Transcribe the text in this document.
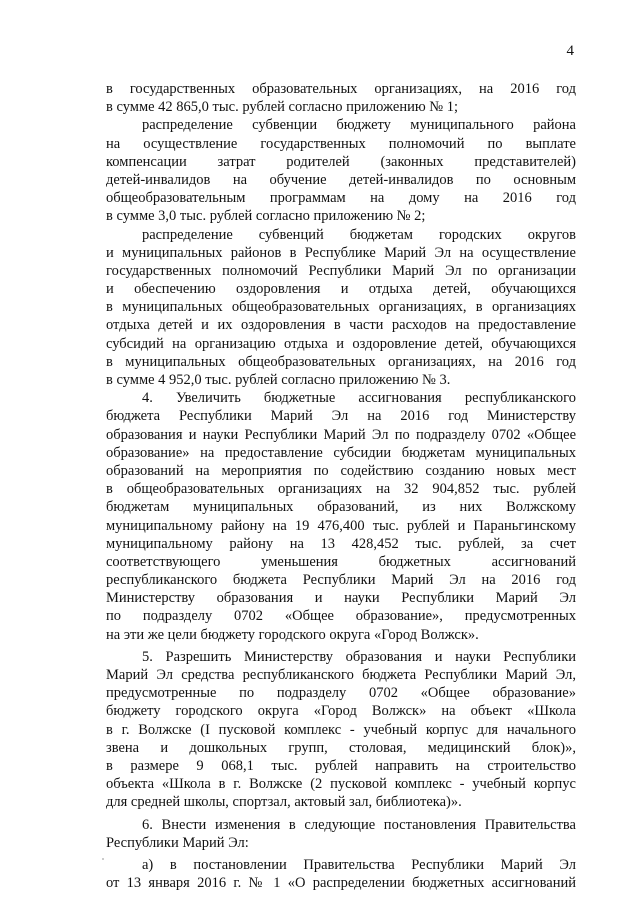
4
в государственных образовательных организациях, на 2016 год
в сумме 42 865,0 тыс. рублей согласно приложению № 1;
распределение субвенции бюджету муниципального района
на осуществление государственных полномочий по выплате
компенсации затрат родителей (законных представителей)
детей-инвалидов на обучение детей-инвалидов по основным
общеобразовательным программам на дому на 2016 год
в сумме 3,0 тыс. рублей согласно приложению № 2;
распределение субвенций бюджетам городских округов
и муниципальных районов в Республике Марий Эл на осуществление
государственных полномочий Республики Марий Эл по организации
и обеспечению оздоровления и отдыха детей, обучающихся
в муниципальных общеобразовательных организациях, в организациях
отдыха детей и их оздоровления в части расходов на предоставление
субсидий на организацию отдыха и оздоровление детей, обучающихся
в муниципальных общеобразовательных организациях, на 2016 год
в сумме 4 952,0 тыс. рублей согласно приложению № 3.
4. Увеличить бюджетные ассигнования республиканского
бюджета Республики Марий Эл на 2016 год Министерству
образования и науки Республики Марий Эл по подразделу 0702 «Общее
образование» на предоставление субсидии бюджетам муниципальных
образований на мероприятия по содействию созданию новых мест
в общеобразовательных организациях на 32 904,852 тыс. рублей
бюджетам муниципальных образований, из них Волжскому
муниципальному району на 19 476,400 тыс. рублей и Параньгинскому
муниципальному району на 13 428,452 тыс. рублей, за счет
соответствующего уменьшения бюджетных ассигнований
республиканского бюджета Республики Марий Эл на 2016 год
Министерству образования и науки Республики Марий Эл
по подразделу 0702 «Общее образование», предусмотренных
на эти же цели бюджету городского округа «Город Волжск».
5. Разрешить Министерству образования и науки Республики
Марий Эл средства республиканского бюджета Республики Марий Эл,
предусмотренные по подразделу 0702 «Общее образование»
бюджету городского округа «Город Волжск» на объект «Школа
в г. Волжске (I пусковой комплекс - учебный корпус для начального
звена и дошкольных групп, столовая, медицинский блок)»,
в размере 9 068,1 тыс. рублей направить на строительство
объекта «Школа в г. Волжске (2 пусковой комплекс - учебный корпус
для средней школы, спортзал, актовый зал, библиотека)».
6. Внести изменения в следующие постановления Правительства
Республики Марий Эл:
а) в постановлении Правительства Республики Марий Эл
от 13 января 2016 г. № 1 «О распределении бюджетных ассигнований
